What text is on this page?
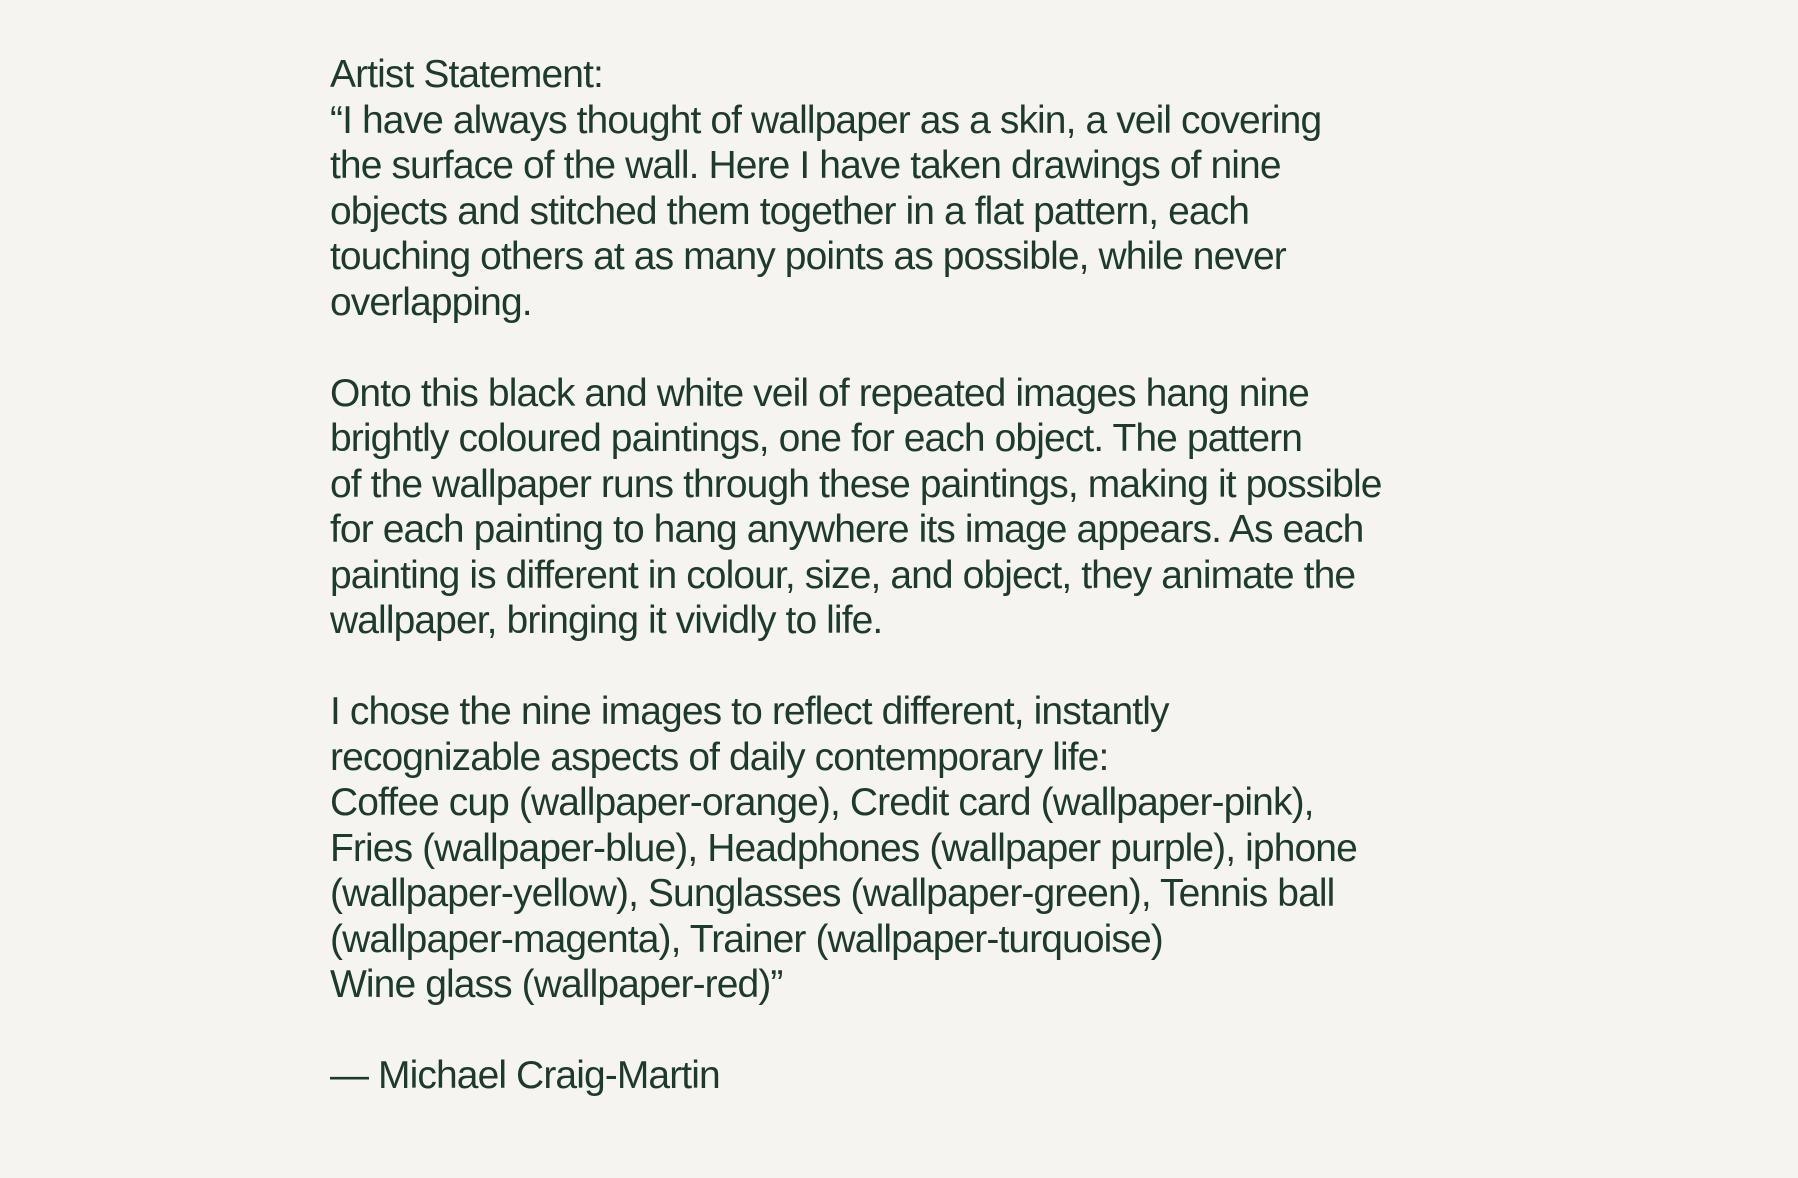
Artist Statement:
“I have always thought of wallpaper as a skin, a veil covering
the surface of the wall. Here I have taken drawings of nine
objects and stitched them together in a flat pattern, each
touching others at as many points as possible, while never
overlapping.
Onto this black and white veil of repeated images hang nine
brightly coloured paintings, one for each object. The pattern
of the wallpaper runs through these paintings, making it possible
for each painting to hang anywhere its image appears. As each
painting is different in colour, size, and object, they animate the
wallpaper, bringing it vividly to life.
I chose the nine images to reflect different, instantly
recognizable aspects of daily contemporary life:
Coffee cup (wallpaper-orange), Credit card (wallpaper-pink),
Fries (wallpaper-blue), Headphones (wallpaper purple), iphone
(wallpaper-yellow), Sunglasses (wallpaper-green), Tennis ball
(wallpaper-magenta), Trainer (wallpaper-turquoise)
Wine glass (wallpaper-red)”
— Michael Craig-Martin
